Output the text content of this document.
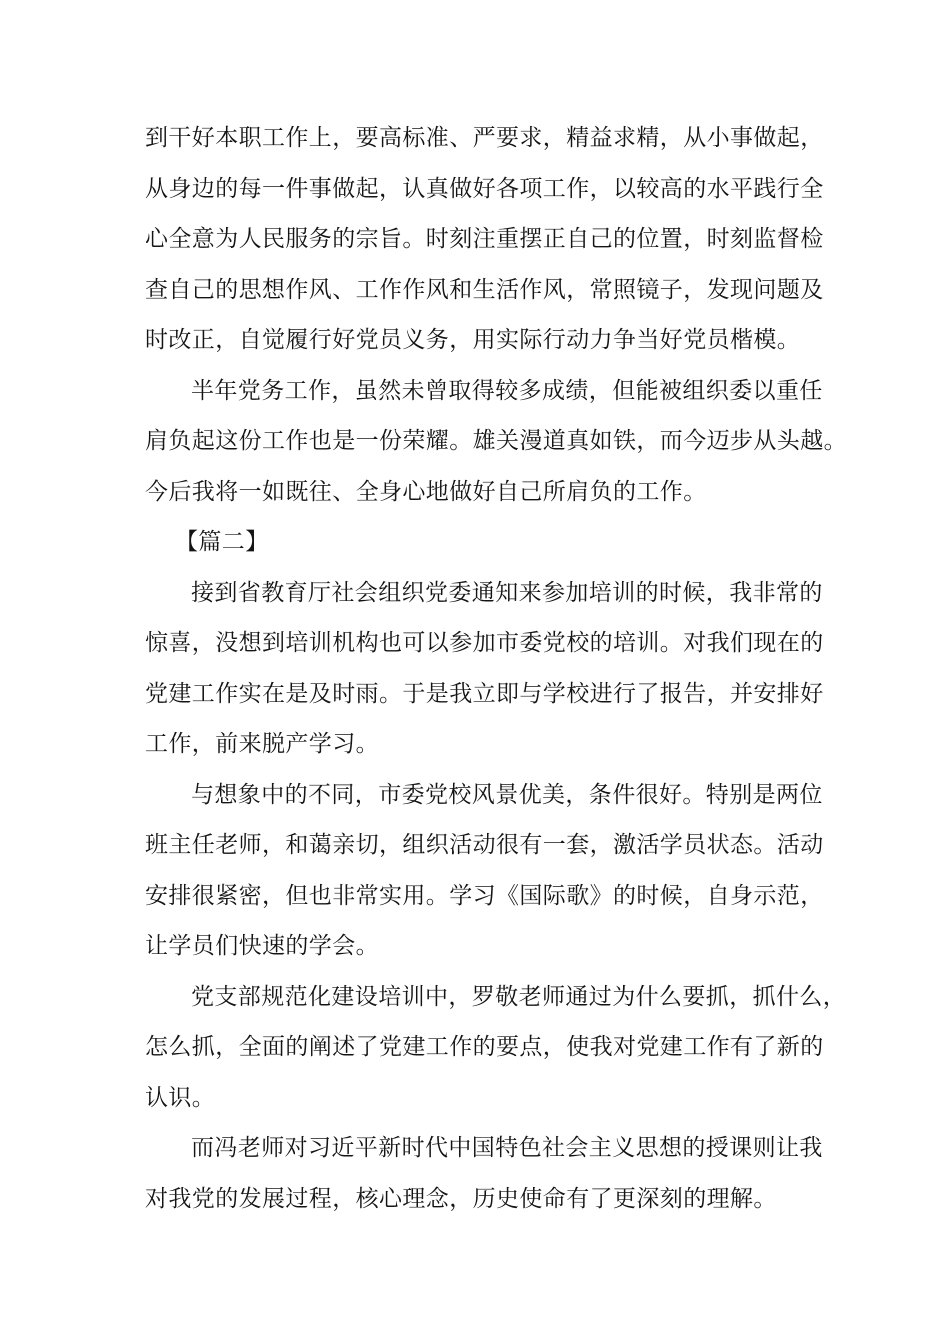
到干好本职工作上，要高标准、严要求，精益求精，从小事做起，
从身边的每一件事做起，认真做好各项工作，以较高的水平践行全
心全意为人民服务的宗旨。时刻注重摆正自己的位置，时刻监督检
查自己的思想作风、工作作风和生活作风，常照镜子，发现问题及
时改正，自觉履行好党员义务，用实际行动力争当好党员楷模。
半年党务工作，虽然未曾取得较多成绩，但能被组织委以重任
肩负起这份工作也是一份荣耀。雄关漫道真如铁，而今迈步从头越。
今后我将一如既往、全身心地做好自己所肩负的工作。
【篇二】
接到省教育厅社会组织党委通知来参加培训的时候，我非常的
惊喜，没想到培训机构也可以参加市委党校的培训。对我们现在的
党建工作实在是及时雨。于是我立即与学校进行了报告，并安排好
工作，前来脱产学习。
与想象中的不同，市委党校风景优美，条件很好。特别是两位
班主任老师，和蔼亲切，组织活动很有一套，激活学员状态。活动
安排很紧密，但也非常实用。学习《国际歌》的时候，自身示范，
让学员们快速的学会。
党支部规范化建设培训中，罗敬老师通过为什么要抓，抓什么，
怎么抓，全面的阐述了党建工作的要点，使我对党建工作有了新的
认识。
而冯老师对习近平新时代中国特色社会主义思想的授课则让我
对我党的发展过程，核心理念，历史使命有了更深刻的理解。
